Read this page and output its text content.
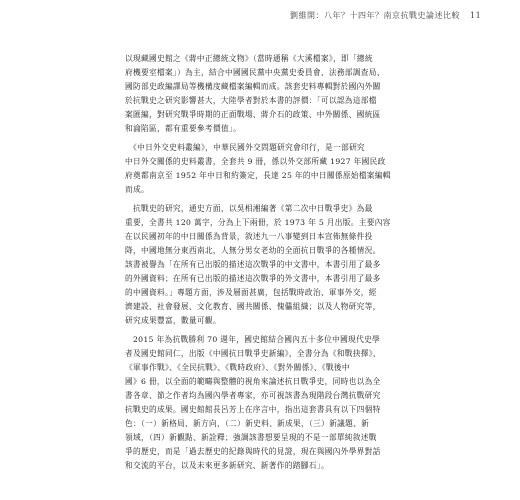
劉維開：八年？十四年？南京抗戰史論述比較 11
以現藏國史館之《蔣中正總統文物》（當時通稱《大溪檔案》，即「總統
府機要室檔案」）為主，結合中國國民黨中央黨史委員會、法務部調查局、
國防部史政編譯局等機構庋藏檔案編輯而成。該套史料專輯對於國內外關
於抗戰史之研究影響甚大，大陸學者對於本書的評價：「可以認為這部檔
案匯編，對研究戰爭時期的正面戰場、蔣介石的政策、中外關係、國統區
和淪陷區，都有重要參考價值」。
　《中日外交史料叢編》，中華民國外交問題研究會印行，是一部研究
中日外交關係的史料叢書，全套共 9 冊，係以外交部所藏 1927 年國民政
府奠都南京至 1952 年中日和約簽定，長達 25 年的中日關係原始檔案編輯
而成。
　抗戰史的研究，通史方面，以吳相湘編著《第二次中日戰爭史》為最
重要，全書共 120 萬字，分為上下兩冊，於 1973 年 5 月出版。主要內容
在以民國初年的中日關係為背景，敘述九一八事變到日本宣佈無條件投
降，中國地無分東西南北，人無分男女老幼的全面抗日戰爭的各種情況。
該書被譽為「在所有已出版的描述這次戰爭的中文書中，本書引用了最多
的外國資料；在所有已出版的描述這次戰爭的外文書中，本書引用了最多
的中國資料。」專題方面，涉及層面甚廣，包括戰時政治、軍事外交，經
濟建設、社會發展、文化教育、國共關係、傀儡組織；以及人物研究等，
研究成果豐富，數量可觀。
　2015 年為抗戰勝利 70 週年，國史館結合國內五十多位中國現代史學
者及國史館同仁，出版《中國抗日戰爭史新編》，全書分為《和戰抉擇》、
《軍事作戰》、《全民抗戰》、《戰時政府》、《對外關係》、《戰後中
國》6 冊，以全面的範疇與整體的視角來論述抗日戰爭史，同時也以為全
書各章、節之作者均為國內學者專家，亦可視該書為現階段台灣抗戰研究
抗戰史的成果。國史館館長呂芳上在序言中，指出這套書具有以下四個特
色：（一）新格局、新方向，（二）新史料、新成果，（三）新議題、新
領域，（四）新觀點、新詮釋；強調該書想要呈現的不是一部單純敘述戰
爭的歷史，而是「過去歷史的紀錄與時代的見證，現在與國內外學界對話
和交流的平台，以及未來更多新研究、新著作的踏腳石」。
